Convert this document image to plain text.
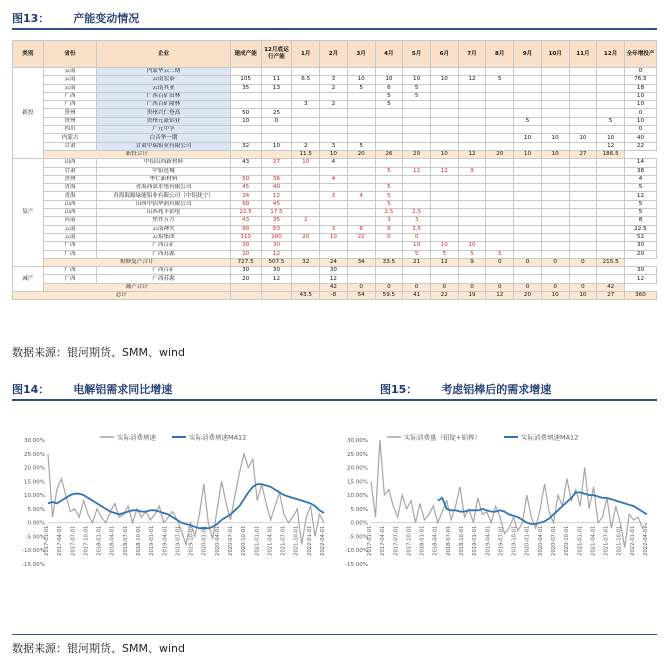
图13： 产能变动情况
类别	省份	企业	建成产能	12月底运行产能	1月	2月	3月	4月	5月	6月	7月	8月	9月	10月	11月	12月	全年增投产
新投	云南	内蒙华云三期															0
	云南	云南宏泰	105	11	6.5	3	10	10	10	10	12	5					76.5
	云南	云南其亚	35	13		2	5	6	5								18
	广西	广西百矿田林						5	5								10
	广西	广西百矿隆林			3	2		5									10
	贵州	贵州兴仁登高	50	25													0
	贵州	贵州元豪铝业	10	0									5			5	10
	四川	广元中孚															0
	内蒙古	白音华一期											10	10	10	10	40
	甘肃	甘肃中瑞铝业有限公司	32	10	2	3	5									12	22
	新投合计				11.5	10	20	26	20	10	12	20	10	10	27	186.5	
复产	山西	中铝山西新材料	43	27	10	4											14
	甘肃	中铝连城						5	12	12	9						38
	贵州	华仁新材料	50	36		4											4
	青海	青海西部水电有限公司	45	40				5									5
	青海	青海海源绿能铝业有限公司（中铝抚宁）	24	12		3	4	5									12
	山西	山西中铝华润有限公司	50	45				5									5
	山西	山西兆丰铝电	22.5	17.5				2.5	2.5								5
	河南	焦作万方	43	35	2			3	3								8
	云南	云南神火	90	53		3	8	8	3.5								22.5
	云南	云铝集团	310	200	20	10	22	0	0								52
	广西	广西百矿	30	30					10	10	10						30
	广西	广西苏源	20	12					5	5	5	5					20
	检修复产合计		727.5	507.5	32	24	34	33.5	21	12	9	0	0	0	0	215.5	
减产	广西	广西百矿	30	30		30											30
	广西	广西苏源	20	12		12											12
	减产合计					42	0	0	0	0	0	0	0	0	0	42	
总计					43.5	-8	54	59.5	41	22	19	12	20	10	10	27	360
数据来源：银河期货、SMM、wind
图14： 电解铝需求同比增速	图15： 考虑铝棒后的需求增速
-15.00%
-10.00%
-5.00%
0.00%
5.00%
10.00%
15.00%
20.00%
25.00%
30.00%
2017-01-01 2017-04-01 2017-07-01 2017-10-01 2018-01-01 2018-04-01 2018-07-01 2018-10-01 2019-01-01 2019-04-01 2019-07-01 2019-10-01 2020-01-01 2020-04-01 2020-07-01 2020-10-01 2021-01-01 2021-04-01 2021-07-01 2021-10-01 2022-01-01 2022-04-01
实际消费增速	实际消费增速MA12
-15.00%
-10.00%
-5.00%
0.00%
5.00%
10.00%
15.00%
20.00%
25.00%
30.00%
2017-01-01 2017-04-01 2017-07-01 2017-10-01 2018-01-01 2018-04-01 2018-07-01 2018-10-01 2019-01-01 2019-04-01 2019-07-01 2019-10-01 2020-01-01 2020-04-01 2020-07-01 2020-10-01 2021-01-01 2021-04-01 2021-07-01 2021-10-01 2022-01-01 2022-04-01
实际消费量（铝锭+铝棒）	实际消费增速MA12
数据来源：银河期货、SMM、wind
